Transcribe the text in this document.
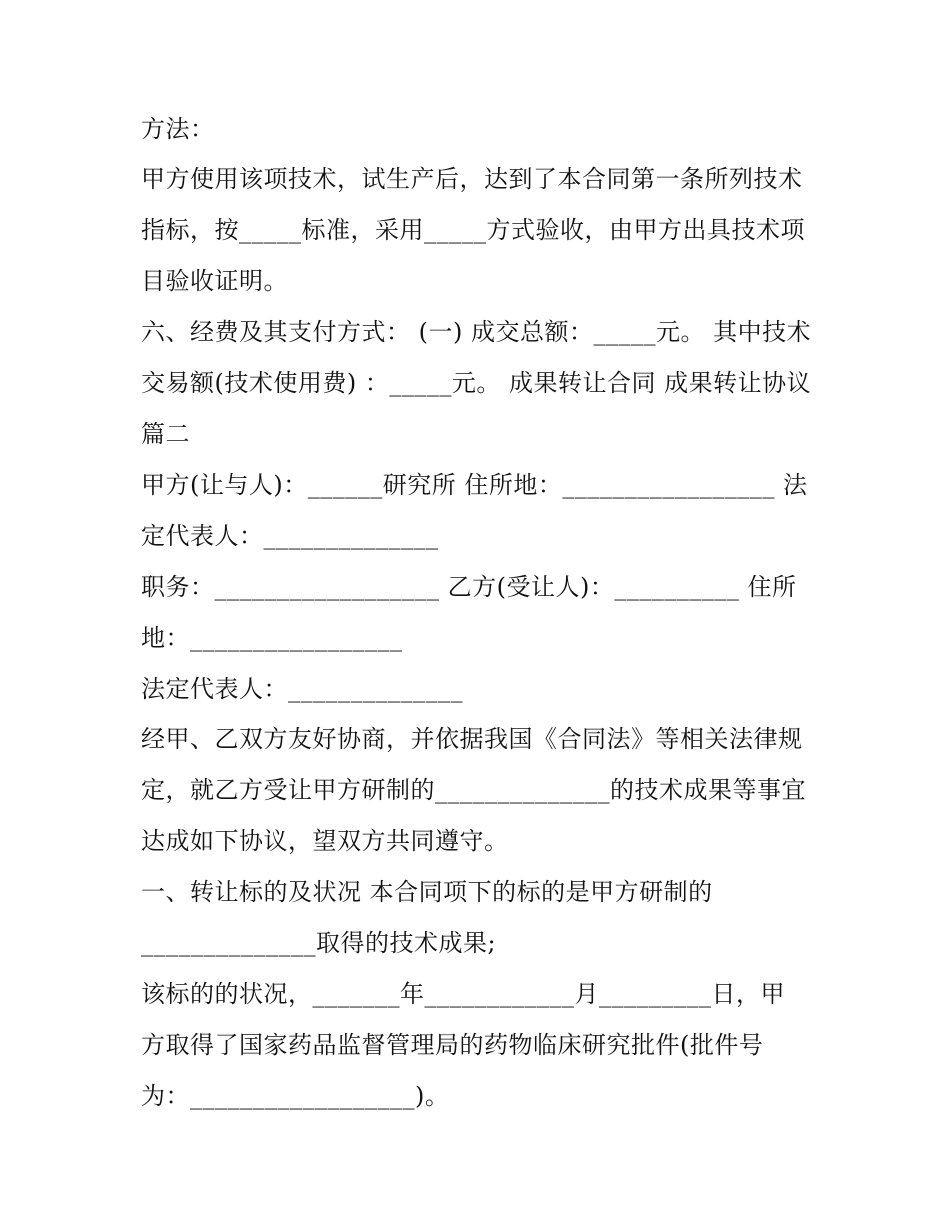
方法：
甲方使用该项技术，试生产后，达到了本合同第一条所列技术
指标，按_____标准，采用_____方式验收，由甲方出具技术项
目验收证明。
六、经费及其支付方式： (一) 成交总额：_____元。 其中技术
交易额(技术使用费) ：_____元。 成果转让合同 成果转让协议
篇二
甲方(让与人)：______研究所 住所地：_________________ 法
定代表人：______________
职务：__________________ 乙方(受让人)：__________ 住所
地：_________________
法定代表人：______________
经甲、乙双方友好协商，并依据我国《合同法》等相关法律规
定，就乙方受让甲方研制的______________的技术成果等事宜
达成如下协议，望双方共同遵守。
一、转让标的及状况 本合同项下的标的是甲方研制的
______________取得的技术成果;
该标的的状况，_______年____________月_________日，甲
方取得了国家药品监督管理局的药物临床研究批件(批件号
为：__________________)。
